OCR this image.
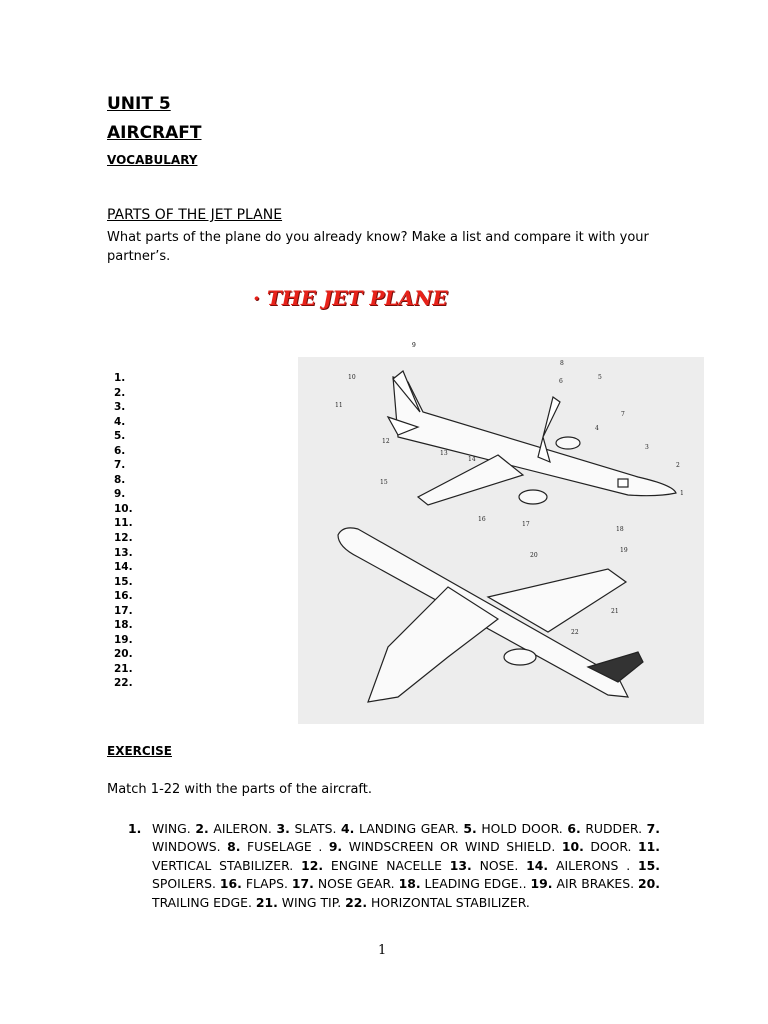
UNIT 5
AIRCRAFT
VOCABULARY
PARTS OF THE JET PLANE
What parts of the plane do you already know? Make a list and compare it with your partner’s.
· THE JET PLANE
1.
2.
3.
4.
5.
6.
7.
8.
9.
10.
11.
12.
13.
14.
15.
16.
17.
18.
19.
20.
21.
22.
1
2
3
4
5
6
7
8
10
11
12
13
14
15
16
17
18
19
20
21
22
EXERCISE
Match 1-22 with the parts of the aircraft.
1. WING. 2. AILERON. 3. SLATS. 4. LANDING GEAR. 5. HOLD DOOR. 6. RUDDER. 7. WINDOWS. 8. FUSELAGE . 9. WINDSCREEN OR WIND SHIELD. 10. DOOR. 11. VERTICAL STABILIZER. 12. ENGINE NACELLE 13. NOSE. 14. AILERONS . 15. SPOILERS. 16. FLAPS. 17. NOSE GEAR. 18. LEADING EDGE.. 19. AIR BRAKES. 20. TRAILING EDGE. 21. WING TIP. 22. HORIZONTAL STABILIZER.
1
9
